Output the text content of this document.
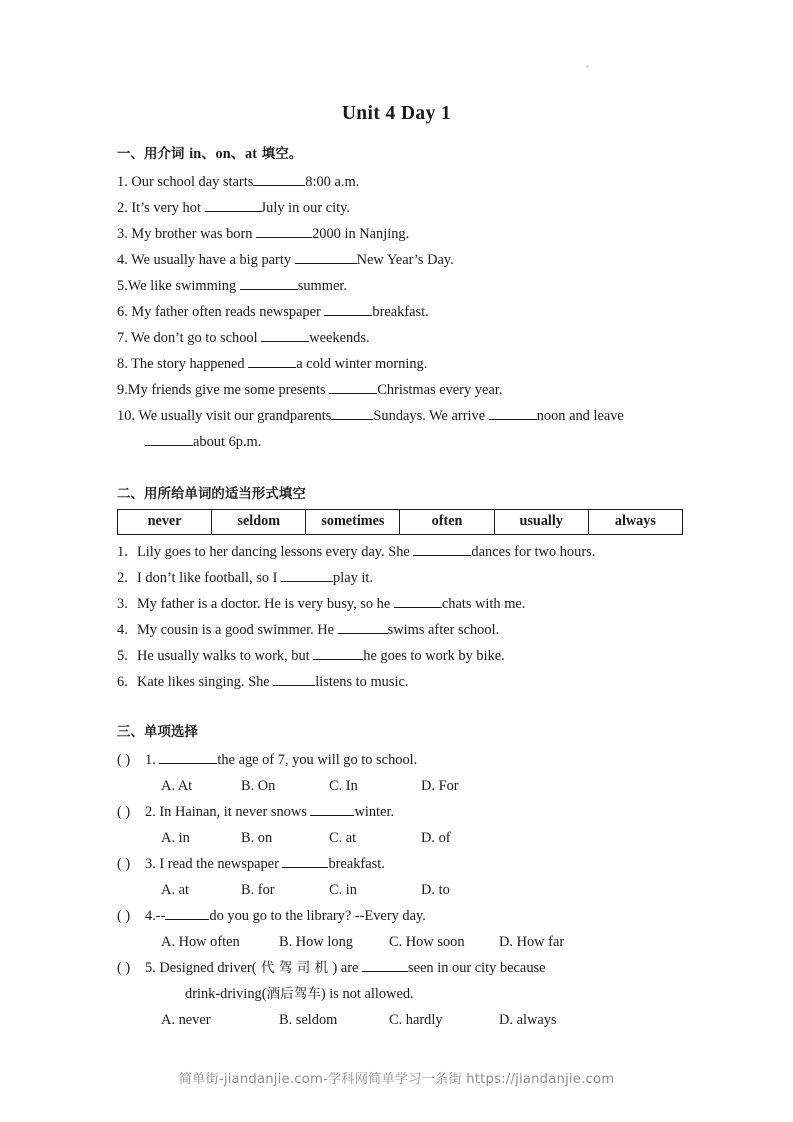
Unit 4 Day 1
一、用介词 in、on、at 填空。

1. Our school day starts	8:00 a.m.

2. It’s very hot	July in our city.

3. My brother was born	2000 in Nanjing.

4. We usually have a big party	New Year’s Day.

5.We like swimming	summer.

6. My father often reads newspaper	breakfast.

7. We don’t go to school	weekends.

8. The story happened	a cold winter morning.

9.My friends give me some presents	Christmas every year.

10. We usually visit our grandparents	Sundays. We arrive	noon and leave
about 6p.m.

二、用所给单词的适当形式填空
never	seldom	sometimes	often	usually	always

1. Lily goes to her dancing lessons every day. She	dances for two hours.

2. I don’t like football, so I	play it.

3. My father is a doctor. He is very busy, so he	chats with me.

4. My cousin is a good swimmer. He	swims after school.

5. He usually walks to work, but	he goes to work by bike.

6. Kate likes singing. She	listens to music.

三、单项选择

( ) 1.	the age of 7, you will go to school.

A. At	B. On	C. In	D. For

( ) 2. In Hainan, it never snows	winter.

A. in	B. on	C. at	D. of

( ) 3. I read the newspaper	breakfast.

A. at	B. for	C. in	D. to

( ) 4.--	do you go to the library? --Every day.

A. How often	B. How long	C. How soon D. How far

( ) 5. Designed driver( 代 驾 司 机 ) are	seen in our city because

drink-driving(酒后驾车) is not allowed.

A. never	B. seldom	C. hardly	D. always

简单街-jiandanjie.com-学科网简单学习一条街 https://jiandanjie.com
